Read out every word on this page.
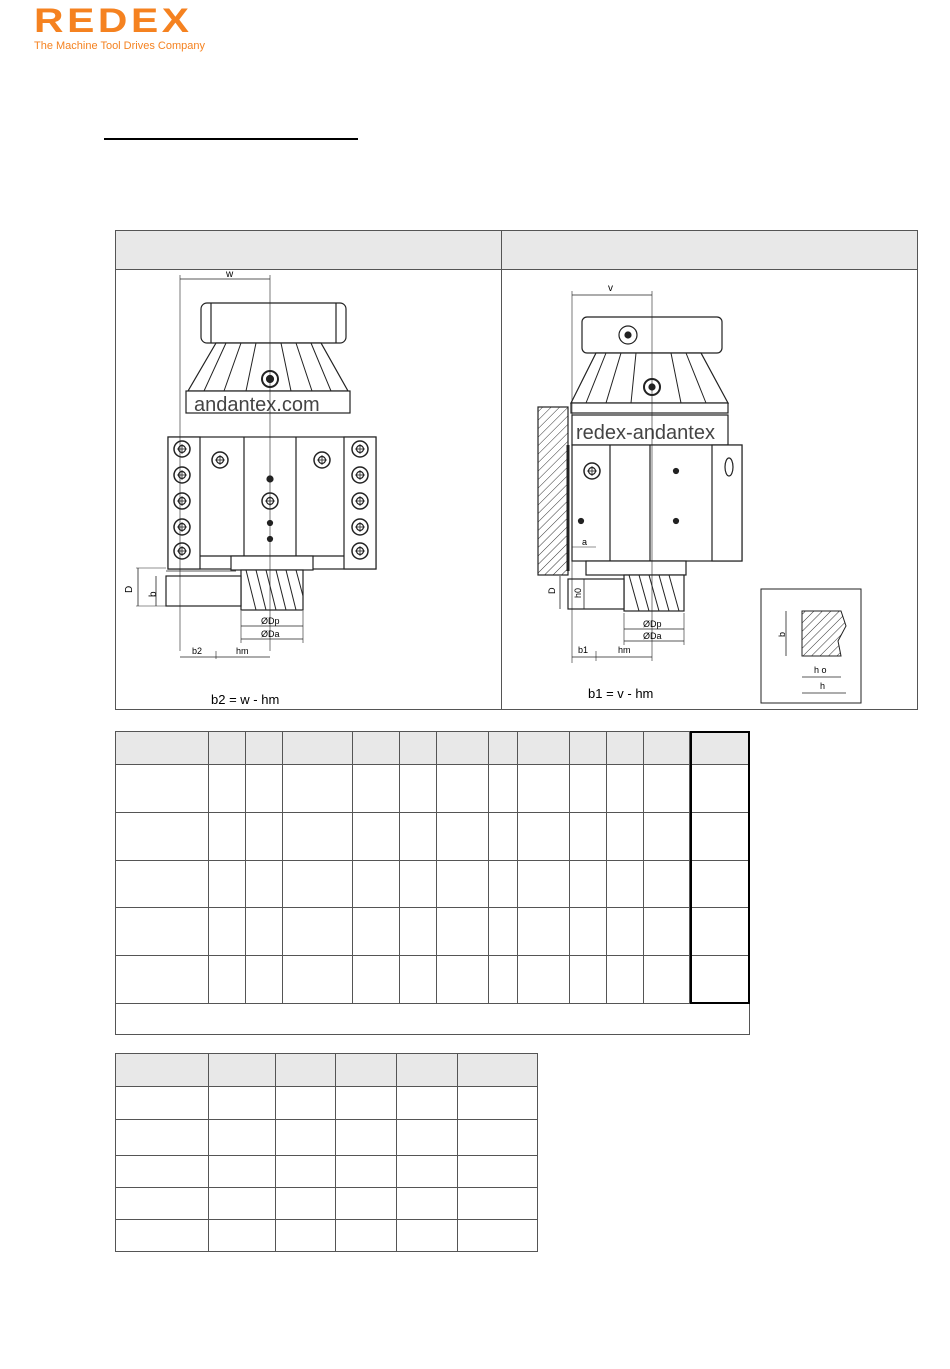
REDEX
The Machine Tool Drives Company
andantex.com
w
D
b
ØDp
ØDa
b2	hm
redex-andantex
v
a
D h0
ØDp
ØDa
b1	hm
b
h o
h
b2 = w - hm	b1 = v - hm
